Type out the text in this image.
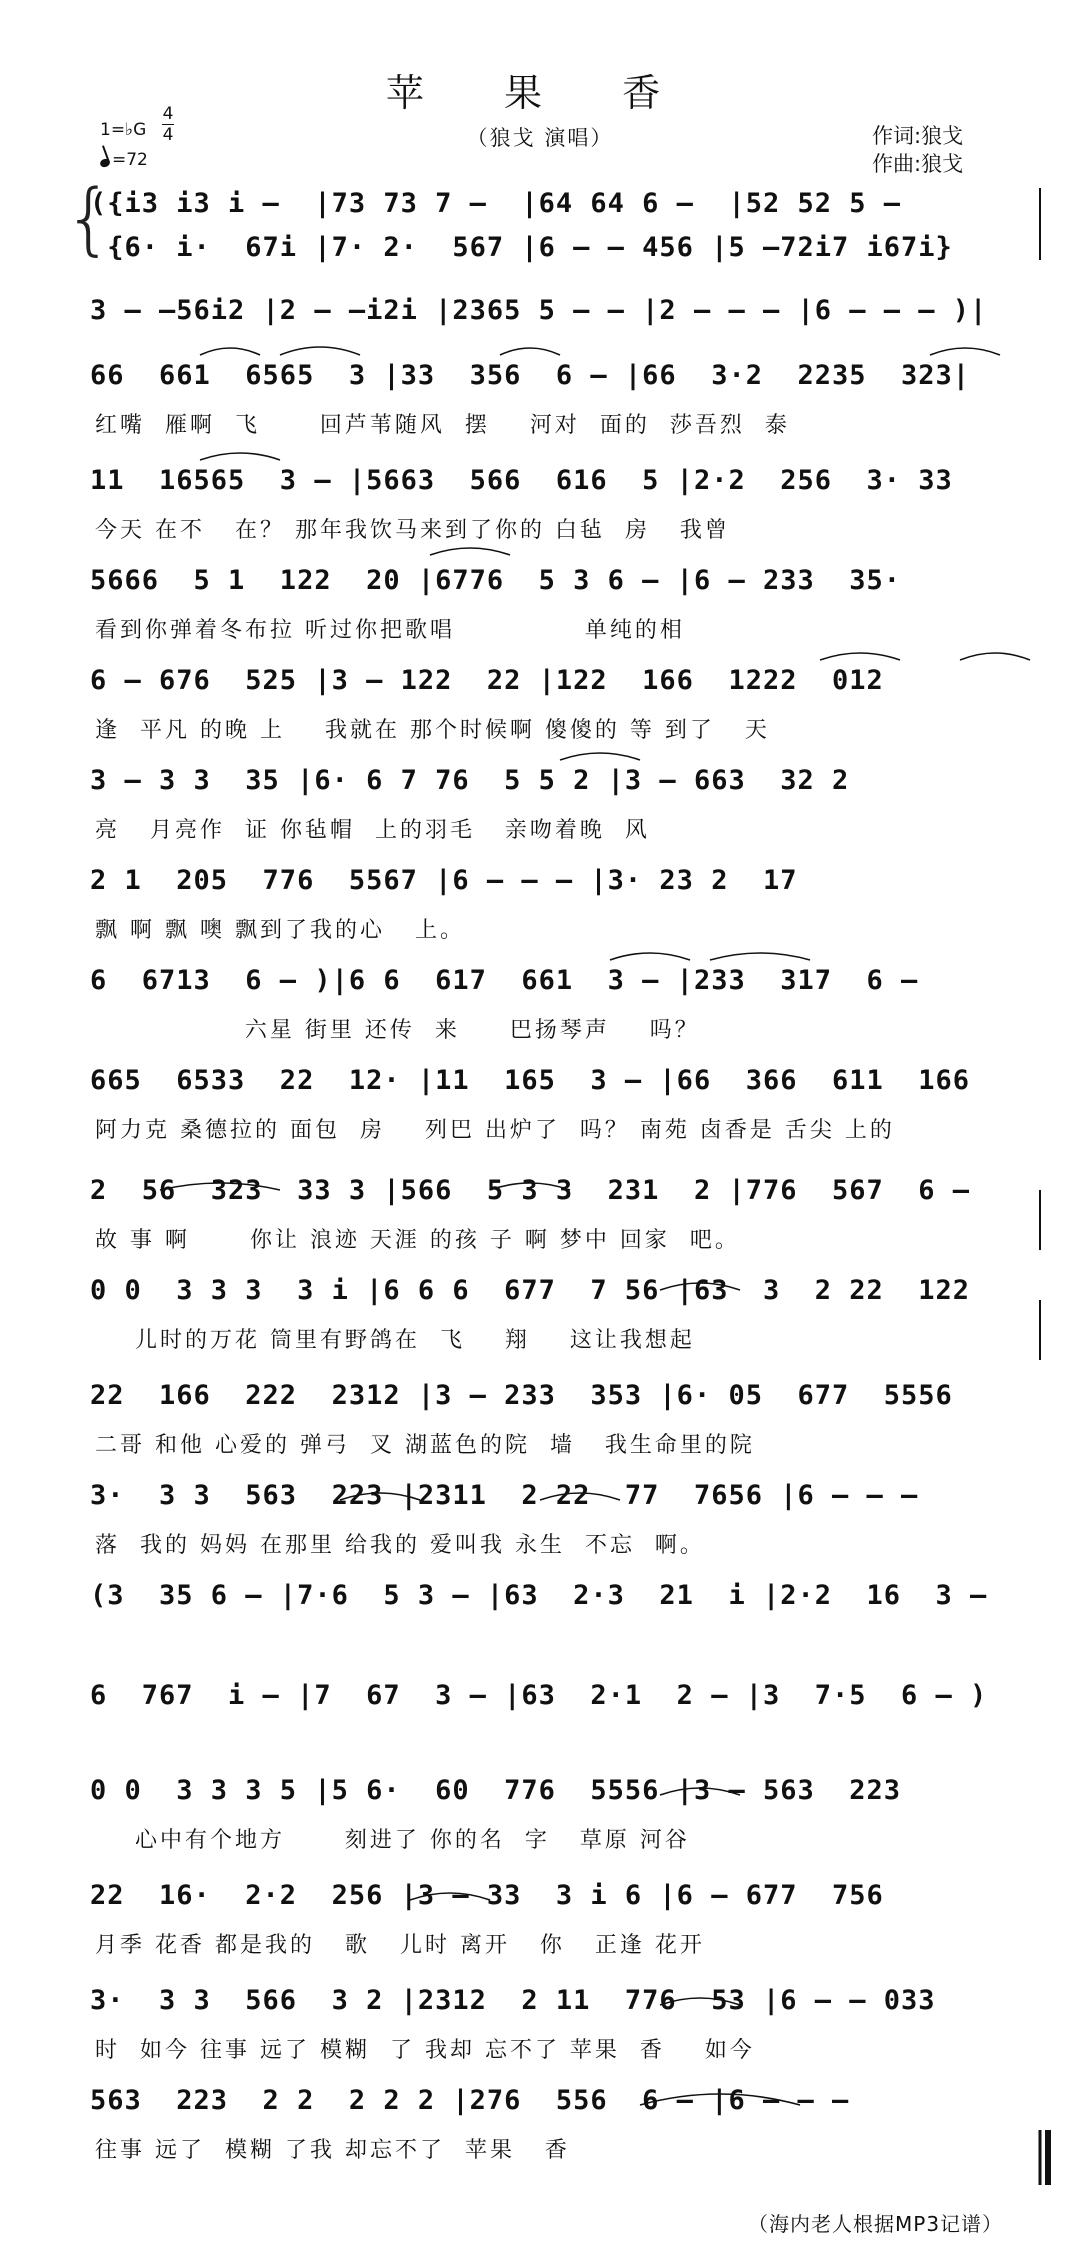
苹 果 香
（狼戈 演唱）	作词:狼戈
作曲:狼戈
1=♭G
4
4
=72
{
({i3 i3 i –  |73 73 7 –  |64 64 6 –  |52 52 5 –
{6· i·  67i |7· 2·  567 |6 – – 456 |5 –72i7 i67i}
3 – –56i2 |2 – –i2i |2365 5 – – |2 – – – |6 – – – )|
66  661  6565  3 |33  356  6 – |66  3·2  2235  323|
红嘴  雁啊  飞      回芦苇随风  摆    河对  面的  莎吾烈  泰
11  16565  3 – |5663  566  616  5 |2·2  256  3· 33
今天 在不   在？ 那年我饮马来到了你的 白毡  房   我曾
5666  5 1  122  20 |6776  5 3 6 – |6 – 233  35·
看到你弹着冬布拉 听过你把歌唱             单纯的相
6 – 676  525 |3 – 122  22 |122  166  1222  012
逢  平凡 的晚 上    我就在 那个时候啊 傻傻的 等 到了   天
3 – 3 3  35 |6· 6 7 76  5 5 2 |3 – 663  32 2
亮   月亮作  证 你毡帽  上的羽毛   亲吻着晚  风
2 1  205  776  5567 |6 – – – |3· 23 2  17
飘 啊 飘 噢 飘到了我的心   上。
6  6713  6 – )|6 6  617  661  3 – |233  317  6 –
六星 街里 还传  来     巴扬琴声    吗？
665  6533  22  12· |11  165  3 – |66  366  611  166
阿力克 桑德拉的 面包  房    列巴 出炉了  吗？ 南苑 卤香是 舌尖 上的
2  56  323  33 3 |566  5 3 3  231  2 |776  567  6 –
故 事 啊      你让 浪迹 天涯 的孩 子 啊 梦中 回家  吧。
0 0  3 3 3  3 i |6 6 6  677  7 56 |63  3  2 22  122
儿时的万花 筒里有野鸽在  飞    翔    这让我想起
22  166  222  2312 |3 – 233  353 |6· 05  677  5556
二哥 和他 心爱的 弹弓  叉 湖蓝色的院  墙   我生命里的院
3·  3 3  563  223 |2311  2 22  77  7656 |6 – – –
落  我的 妈妈 在那里 给我的 爱叫我 永生  不忘  啊。
(3  35 6 – |7·6  5 3 – |63  2·3  21  i |2·2  16  3 –
6  767  i – |7  67  3 – |63  2·1  2 – |3  7·5  6 – )
0 0  3 3 3 5 |5 6·  60  776  5556 |3 – 563  223
心中有个地方      刻进了 你的名  字   草原 河谷
22  16·  2·2  256 |3 – 33  3 i 6 |6 – 677  756
月季 花香 都是我的   歌   儿时 离开   你   正逢 花开
3·  3 3  566  3 2 |2312  2 11  776  53 |6 – – 033
时  如今 往事 远了 模糊  了 我却 忘不了 苹果  香    如今
563  223  2 2  2 2 2 |276  556  6 – |6 – – –
往事 远了  模糊 了我 却忘不了  苹果   香
（海内老人根据MP3记谱）
